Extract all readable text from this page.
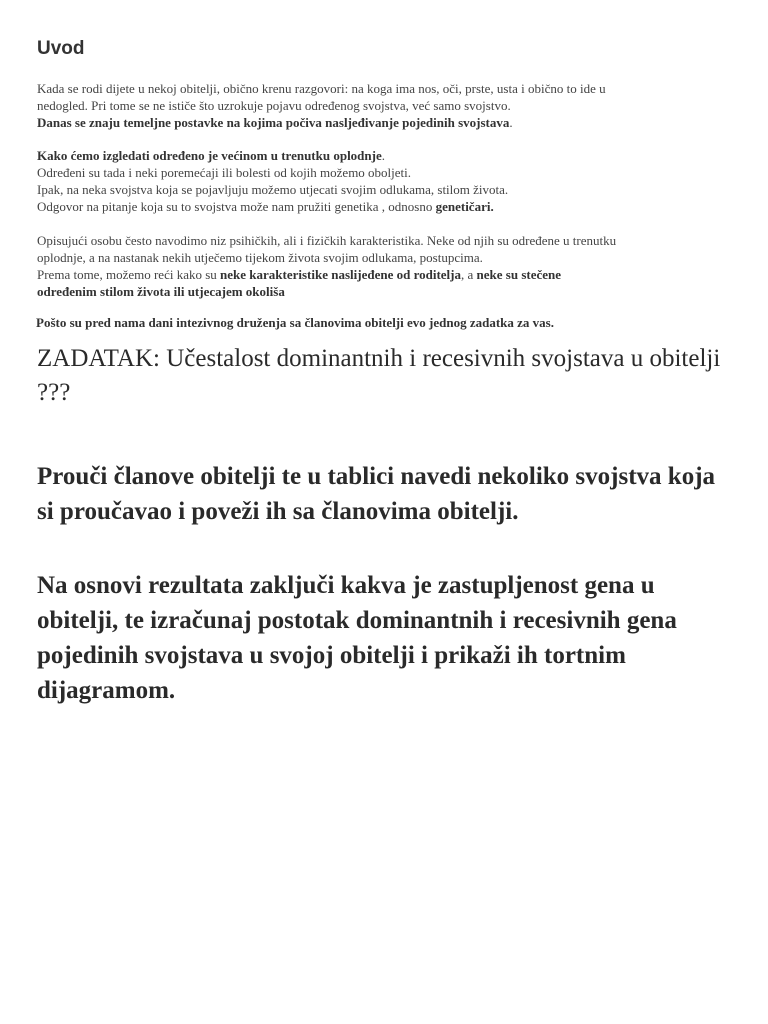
Uvod
Kada se rodi dijete u nekoj obitelji, obično krenu razgovori: na koga ima nos, oči, prste, usta i obično to ide u
nedogled. Pri tome se ne ističe što uzrokuje pojavu određenog svojstva, već samo svojstvo.
Danas se znaju temeljne postavke na kojima počiva nasljeđivanje pojedinih svojstava.
Kako ćemo izgledati određeno je većinom u trenutku oplodnje.
Određeni su tada i neki poremećaji ili bolesti od kojih možemo oboljeti.
Ipak, na neka svojstva koja se pojavljuju možemo utjecati svojim odlukama, stilom života.
Odgovor na pitanje koja su to svojstva može nam pružiti genetika , odnosno genetičari.
Opisujući osobu često navodimo niz psihičkih, ali i fizičkih karakteristika. Neke od njih su određene u trenutku
oplodnje, a na nastanak nekih utječemo tijekom života svojim odlukama, postupcima.
Prema tome, možemo reći kako su neke karakteristike naslijeđene od roditelja, a neke su stečene
određenim stilom života ili utjecajem okoliša

Pošto su pred nama dani intezivnog druženja sa članovima obitelji evo jednog zadatka za vas.

ZADATAK: Učestalost dominantnih i recesivnih svojstava u obitelji ???

Prouči članove obitelji te u tablici navedi nekoliko svojstva koja si proučavao i poveži ih sa članovima obitelji.

Na osnovi rezultata zaključi kakva je zastupljenost gena u obitelji, te izračunaj postotak dominantnih i recesivnih gena pojedinih svojstava u svojoj obitelji i prikaži ih tortnim dijagramom.
